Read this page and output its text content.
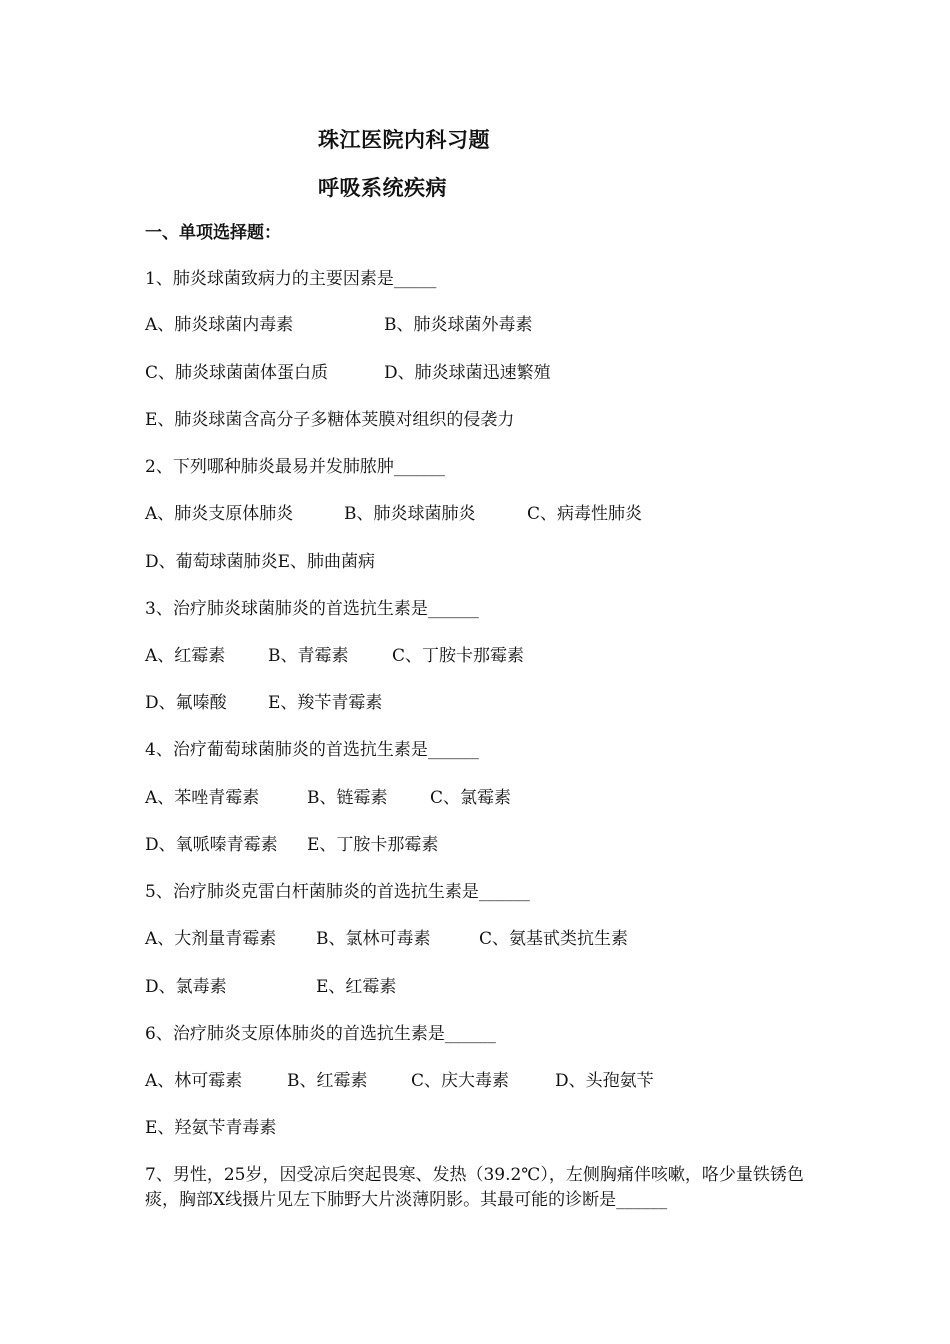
珠江医院内科习题
呼吸系统疾病
一、单项选择题：
1、肺炎球菌致病力的主要因素是_____
A、肺炎球菌内毒素	B、肺炎球菌外毒素
C、肺炎球菌菌体蛋白质	D、肺炎球菌迅速繁殖
E、肺炎球菌含高分子多糖体荚膜对组织的侵袭力
2、下列哪种肺炎最易并发肺脓肿______
A、肺炎支原体肺炎	B、肺炎球菌肺炎	C、病毒性肺炎
D、葡萄球菌肺炎E、肺曲菌病
3、治疗肺炎球菌肺炎的首选抗生素是______
A、红霉素	B、青霉素	C、丁胺卡那霉素
D、氟嗪酸 E、羧苄青霉素
4、治疗葡萄球菌肺炎的首选抗生素是______
A、苯唑青霉素	B、链霉素	C、氯霉素
D、氧哌嗪青霉素 E、丁胺卡那霉素
5、治疗肺炎克雷白杆菌肺炎的首选抗生素是______
A、大剂量青霉素 B、氯林可毒素	C、氨基甙类抗生素
D、氯毒素	E、红霉素
6、治疗肺炎支原体肺炎的首选抗生素是______
A、林可霉素	B、红霉素	C、庆大毒素	D、头孢氨苄
E、羟氨苄青毒素
7、男性，25岁，因受凉后突起畏寒、发热（39.2℃），左侧胸痛伴咳嗽，咯少量铁锈色痰，胸部X线摄片见左下肺野大片淡薄阴影。其最可能的诊断是______
